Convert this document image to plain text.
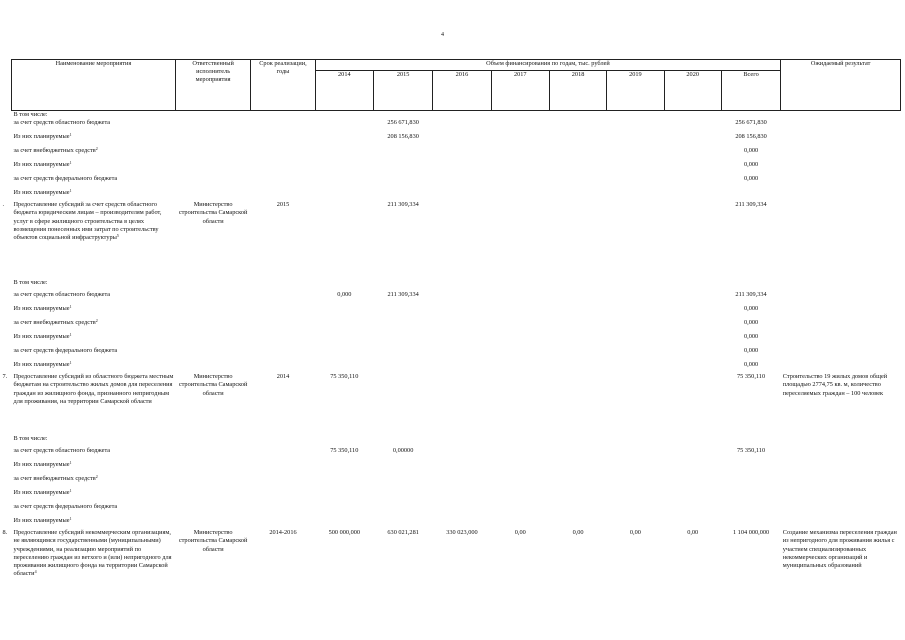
4
Наименование мероприятия	Ответственный исполнитель мероприятия	Срок реализации, годы	Объем финансирования по годам, тыс. рублей								Ожидаемый результат
			2014	2015	2016	2017	2018	2019	2020	Всего	
В том числе:											
за счет средств областного бюджета				256 671,830						256 671,830	
Из них планируемые$^1$				208 156,830						208 156,830	
за счет внебюджетных средств$^2$										0,000	
Из них планируемые$^1$										0,000	
за счет средств федерального бюджета										0,000	
Из них планируемые$^1$											

. Предоставление субсидий за счет средств областного бюджета юридическим лицам – производителям работ, услуг в сфере жилищного строительства в целях возмещения понесенных ими затрат по строительству объектов социальной инфраструктуры$^5$	Министерство строительства Самарской области	2015		211 309,334						211 309,334	
В том числе:											
за счет средств областного бюджета			0,000	211 309,334						211 309,334	
Из них планируемые$^1$										0,000	
за счет внебюджетных средств$^2$										0,000	
Из них планируемые$^1$										0,000	
за счет средств федерального бюджета										0,000	
Из них планируемые$^1$										0,000	

7. Предоставление субсидий из областного бюджета местным бюджетам на строительство жилых домов для переселения граждан из жилищного фонда, признанного непригодным для проживания, на территории Самарской области	Министерство строительства Самарской области	2014	75 350,110							75 350,110	Строительство 19 жилых домов общей площадью 2774,75 кв. м, количество переселяемых граждан – 100 человек
В том числе:											
за счет средств областного бюджета			75 350,110	0,00000						75 350,110	
Из них планируемые$^1$											
за счет внебюджетных средств$^2$											
Из них планируемые$^1$											
за счет средств федерального бюджета											
Из них планируемые$^1$											

8. Предоставление субсидий некоммерческим организациям, не являющимся государственными (муниципальными) учреждениями, на реализацию мероприятий по переселению граждан из ветхого и (или) непригодного для проживания жилищного фонда на территории Самарской области$^4$	Министерство строительства Самарской области	2014-2016	500 000,000	630 021,281	330 023,000	0,00	0,00	0,00	0,00	1 104 000,000	Создание механизма переселения граждан из непригодного для проживания жилья с участием специализированных некоммерческих организаций и муниципальных образований
